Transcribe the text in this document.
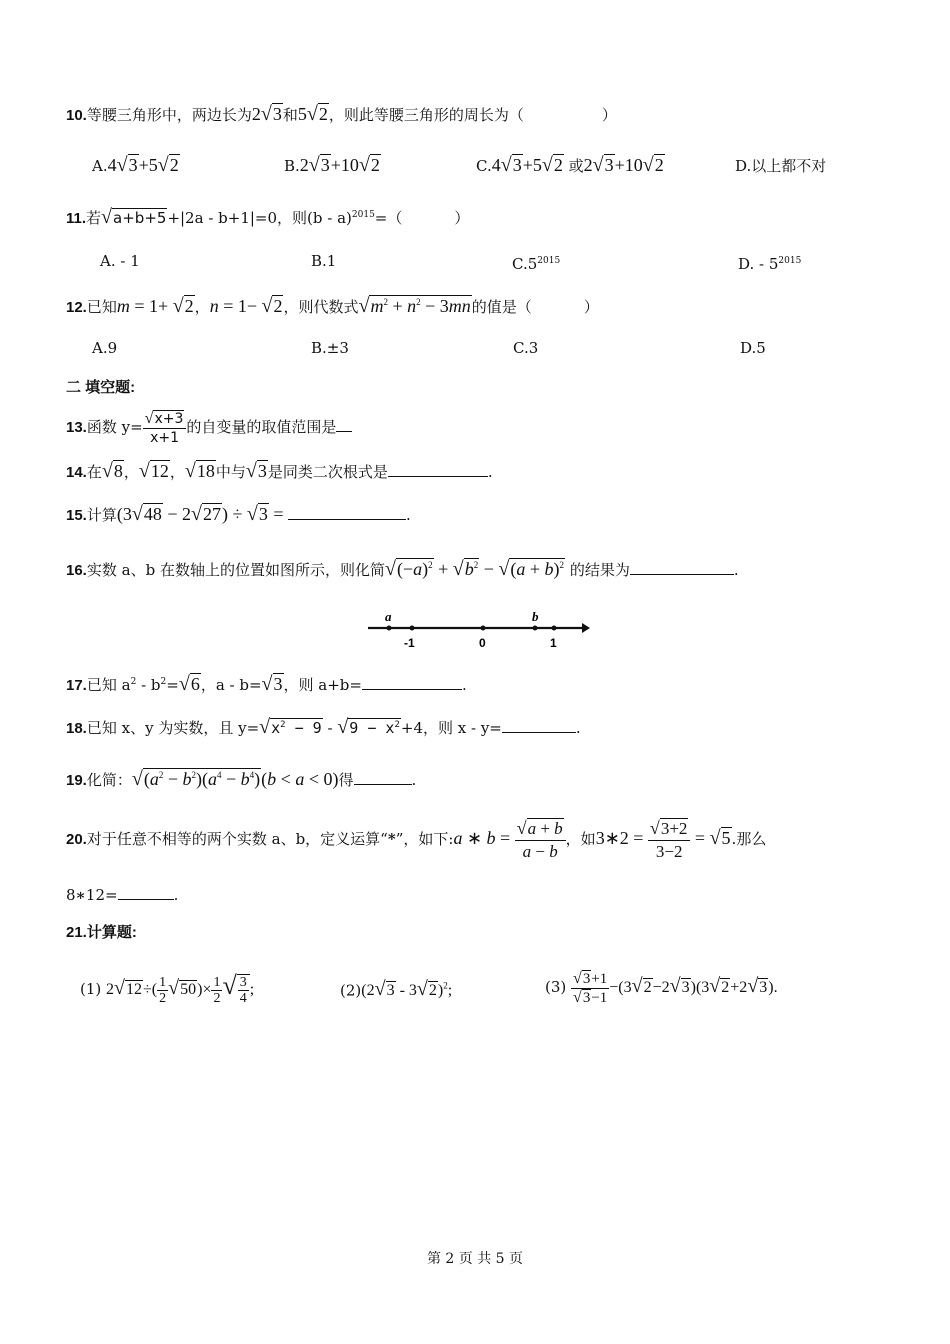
10.等腰三角形中，两边长为2√3和5√2，则此等腰三角形的周长为（	）
A.4√3+5√2	B.2√3+10√2	C.4√3+5√2 或2√3+10√2	D.以上都不对
11.若√a+b+5+|2a - b+1|=0，则(b - a)$^{2015}$=（	）
A. - 1	B.1	$C.5^{2015}$	D. - $5^{2015}$
12.已知m = 1+ √2，n = 1− √2，则代数式$√m^2 + n^2 - 3mn$的值是（	）
A.9	B.±3	C.3	D.5
二 填空题:
13.函数 $y= \frac{√x+3}{x+1}$ 的自变量的取值范围是
14.在√8，√12，√18中与√3是同类二次根式是	.
15.计算(3√48 − 2√27) ÷ √3 =	.
16.实数 a、b 在数轴上的位置如图所示，则化简$√(-a)^2 + √b^2 - √(a + b)^2$ 的结果为	.
a	b
-1	0	1
17.已知 $a^2 - b^2=√6$，a - b=√3，则 a+b=	.
18.已知 x、y 为实数，且 $y=√x^2 - 9 - √9 - x^2+4$，则 x - y=	.
19.化简：$√(a^2 - b^2)(a^4 - b^4)(b < a < 0)$得	.
20.对于任意不相等的两个实数 a、b，定义运算“*”，如下:a ∗ $b = \frac{√a + b}{a - b}$ ，如3∗2 = $\frac{√3+2}{3-2} = √5$.那么
8∗12=	.
21.计算题:
(1) $2√12\div( \frac{1}{2} √50)\times \frac{1}{2}$ √ $\frac{3}{4}$ ;	(2)(2√3 - 3√2)$^2$;	$(3) \frac{√3+1}{√3-1} -(3√2-2√3)(3√2+2√3)$.
第 2 页 共 5 页
